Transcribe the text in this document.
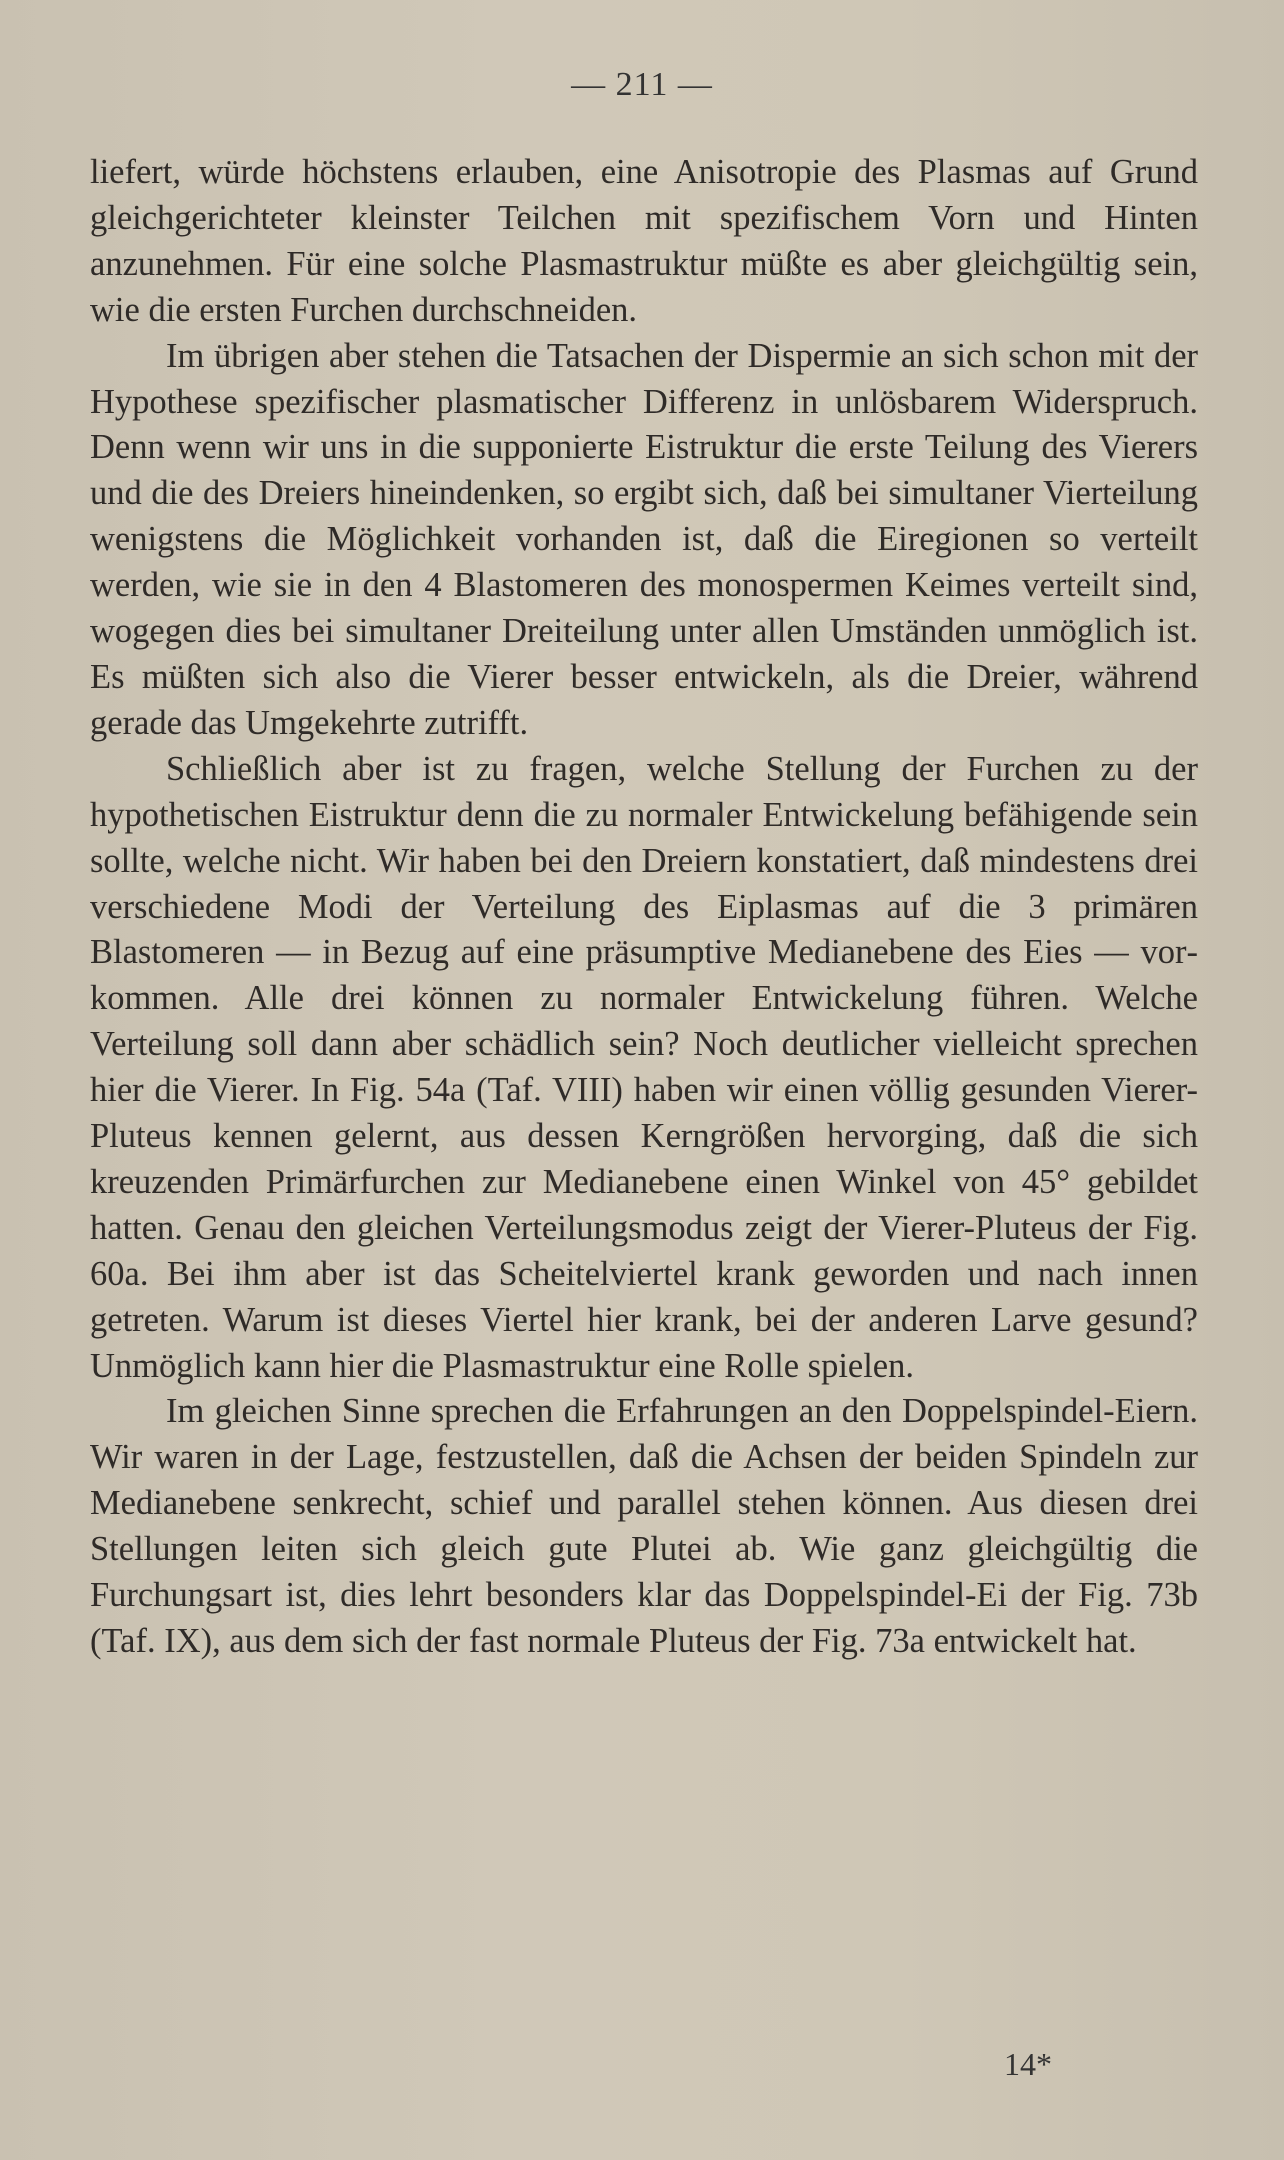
— 211 —

liefert, würde höchstens erlauben, eine Anisotropie des Plasmas auf Grund gleichgerichteter kleinster Teilchen mit spezifischem Vorn und Hinten anzunehmen. Für eine solche Plasmastruktur müßte es aber gleichgültig sein, wie die ersten Furchen durchschneiden.

Im übrigen aber stehen die Tatsachen der Dispermie an sich schon mit der Hypothese spezifischer plasmatischer Differenz in unlösbarem Widerspruch. Denn wenn wir uns in die supponierte Eistruktur die erste Teilung des Vierers und die des Dreiers hineindenken, so ergibt sich, daß bei simultaner Vierteilung wenigstens die Möglichkeit vorhanden ist, daß die Eiregionen so verteilt werden, wie sie in den 4 Blastomeren des monospermen Keimes verteilt sind, wogegen dies bei simultaner Dreiteilung unter allen Umständen unmöglich ist. Es müßten sich also die Vierer besser entwickeln, als die Dreier, während gerade das Umgekehrte zutrifft.

Schließlich aber ist zu fragen, welche Stellung der Furchen zu der hypothetischen Eistruktur denn die zu normaler Entwickelung befähigende sein sollte, welche nicht. Wir haben bei den Dreiern konstatiert, daß mindestens drei verschiedene Modi der Verteilung des Eiplasmas auf die 3 primären Blastomeren — in Bezug auf eine präsumptive Medianebene des Eies — vorkommen. Alle drei können zu normaler Entwickelung führen. Welche Verteilung soll dann aber schädlich sein? Noch deutlicher vielleicht sprechen hier die Vierer. In Fig. 54a (Taf. VIII) haben wir einen völlig gesunden Vierer-Pluteus kennen gelernt, aus dessen Kerngrößen hervorging, daß die sich kreuzenden Primärfurchen zur Medianebene einen Winkel von 45° gebildet hatten. Genau den gleichen Verteilungsmodus zeigt der Vierer-Pluteus der Fig. 60a. Bei ihm aber ist das Scheitelviertel krank geworden und nach innen getreten. Warum ist dieses Viertel hier krank, bei der anderen Larve gesund? Unmöglich kann hier die Plasmastruktur eine Rolle spielen.

Im gleichen Sinne sprechen die Erfahrungen an den Doppelspindel-Eiern. Wir waren in der Lage, festzustellen, daß die Achsen der beiden Spindeln zur Medianebene senkrecht, schief und parallel stehen können. Aus diesen drei Stellungen leiten sich gleich gute Plutei ab. Wie ganz gleichgültig die Furchungsart ist, dies lehrt besonders klar das Doppelspindel-Ei der Fig. 73b (Taf. IX), aus dem sich der fast normale Pluteus der Fig. 73a entwickelt hat.

14*
